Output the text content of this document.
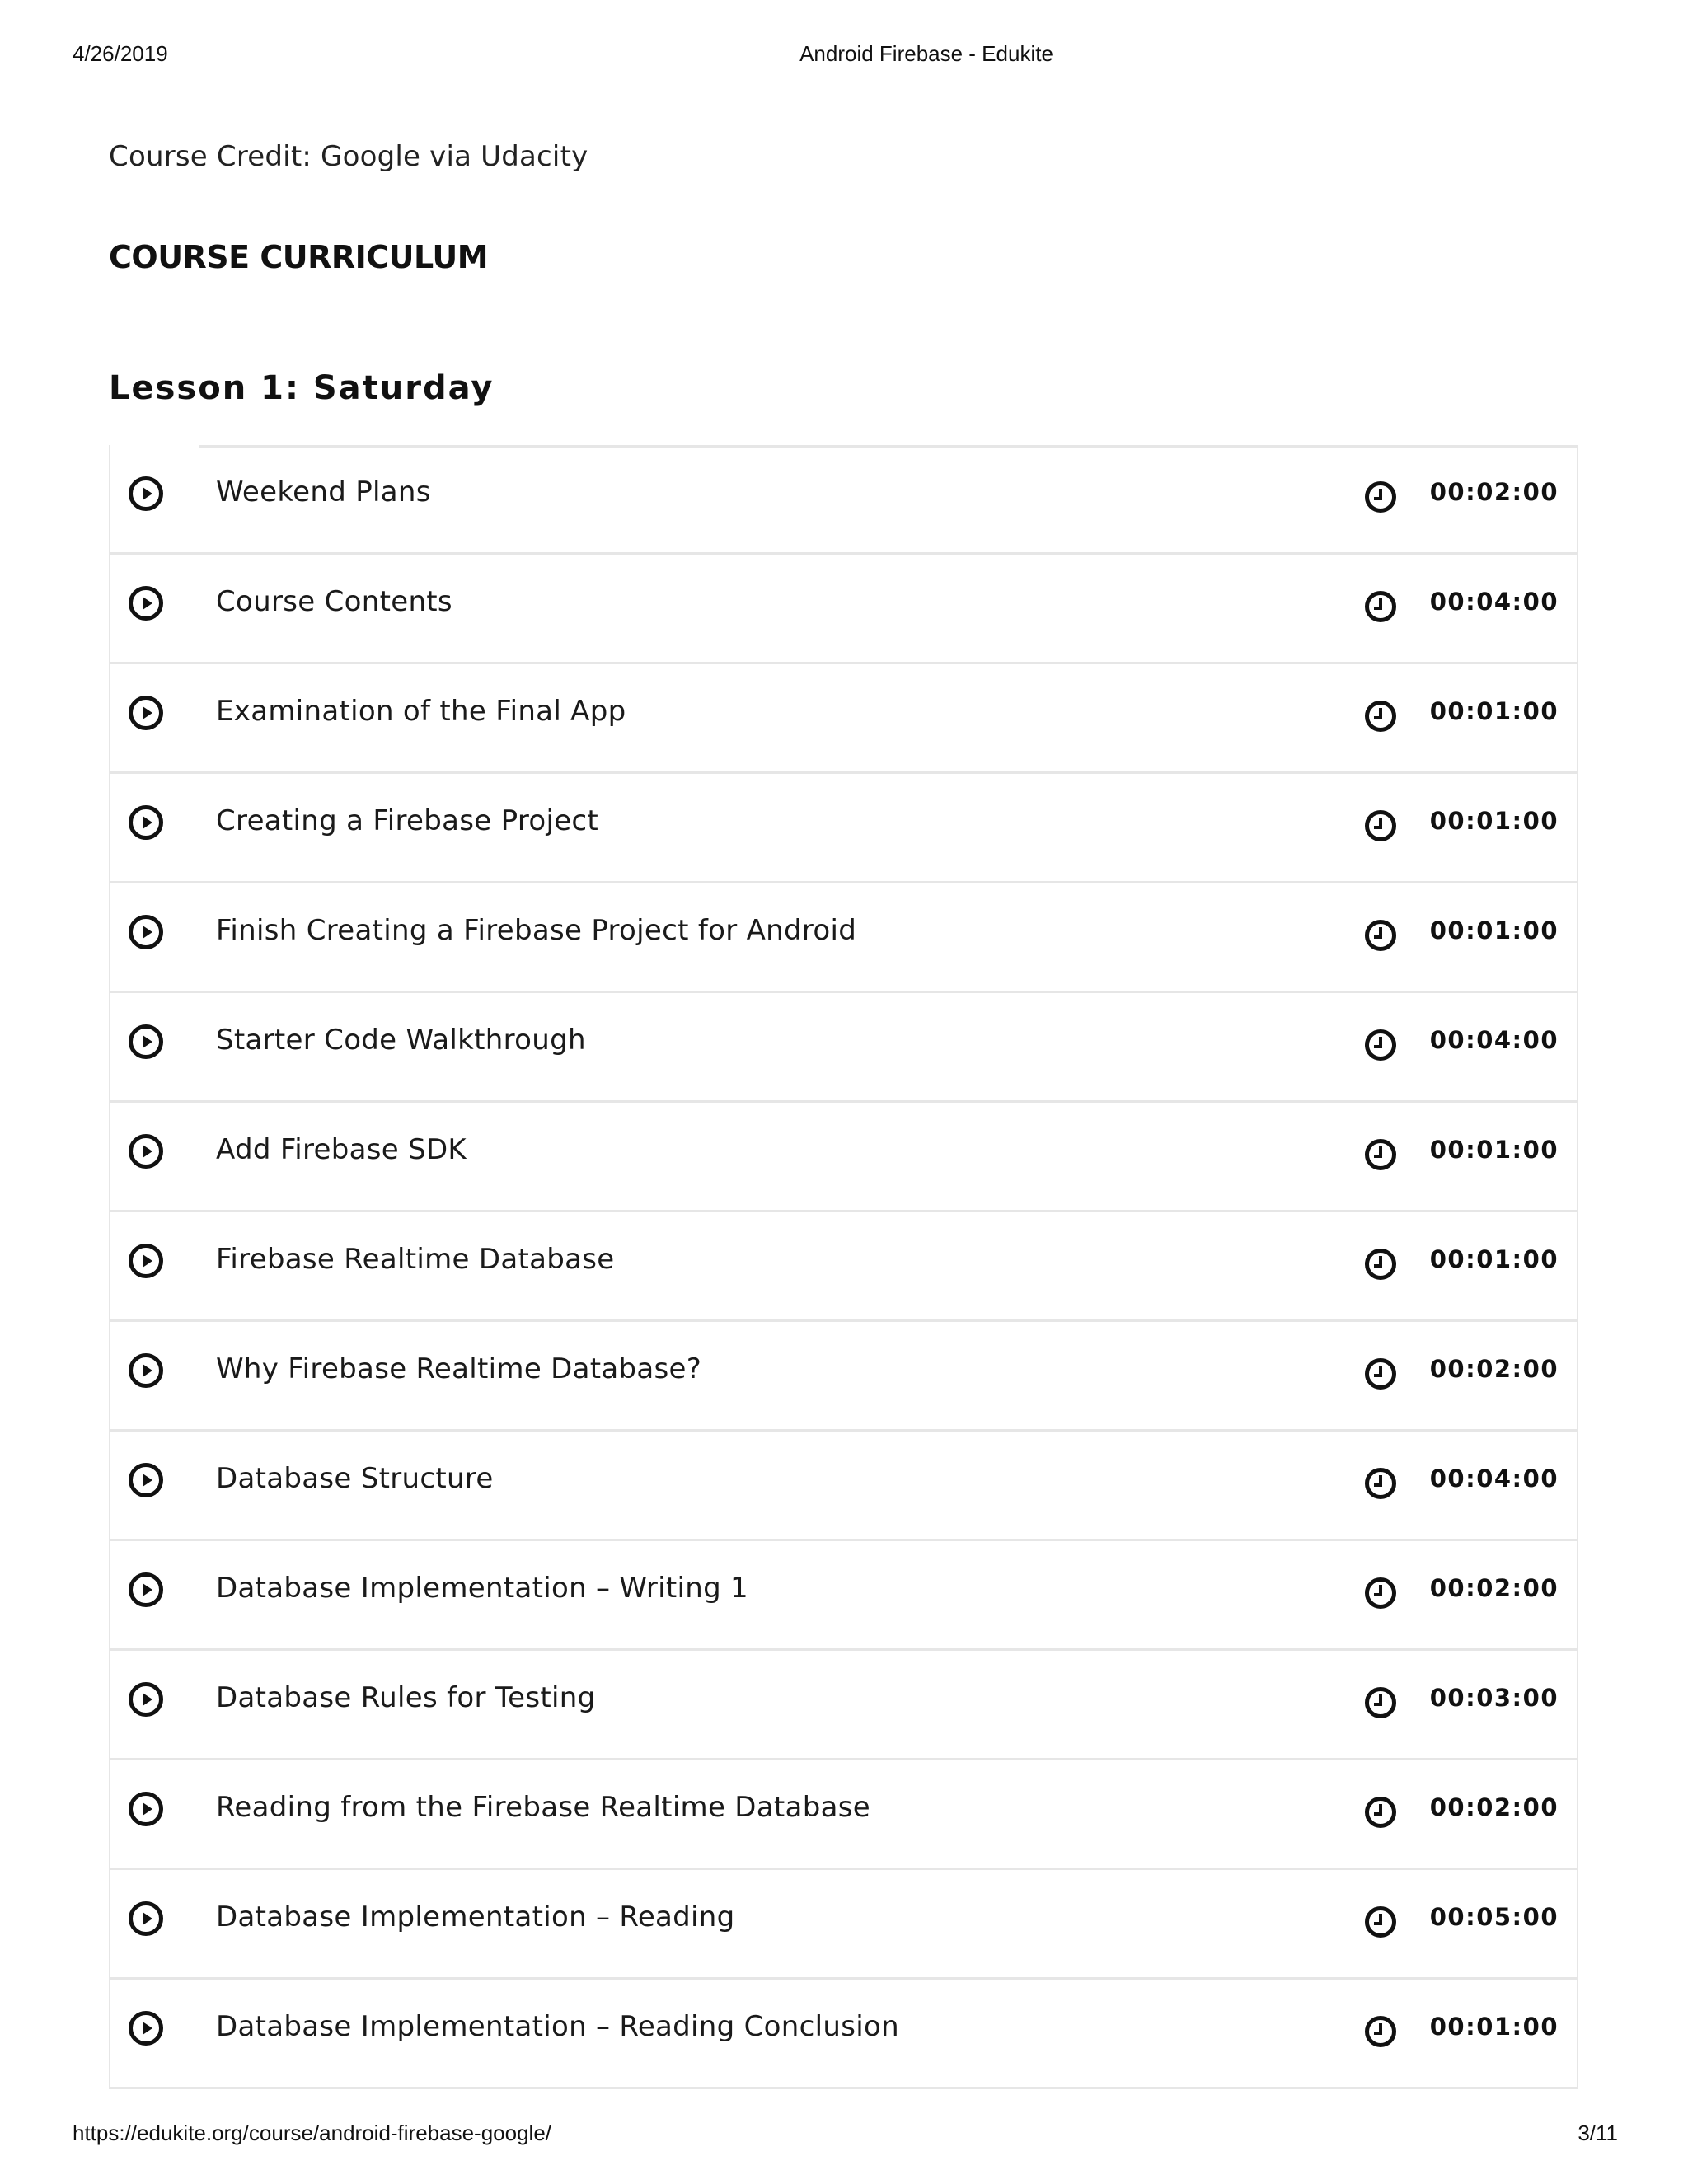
4/26/2019	Android Firebase - Edukite
Course Credit: Google via Udacity
COURSE CURRICULUM
Lesson 1: Saturday
Weekend Plans	00:02:00
Course Contents	00:04:00
Examination of the Final App	00:01:00
Creating a Firebase Project	00:01:00
Finish Creating a Firebase Project for Android	00:01:00
Starter Code Walkthrough	00:04:00
Add Firebase SDK	00:01:00
Firebase Realtime Database	00:01:00
Why Firebase Realtime Database?	00:02:00
Database Structure	00:04:00
Database Implementation – Writing 1	00:02:00
Database Rules for Testing	00:03:00
Reading from the Firebase Realtime Database	00:02:00
Database Implementation – Reading	00:05:00
Database Implementation – Reading Conclusion	00:01:00
https://edukite.org/course/android-firebase-google/	3/11
